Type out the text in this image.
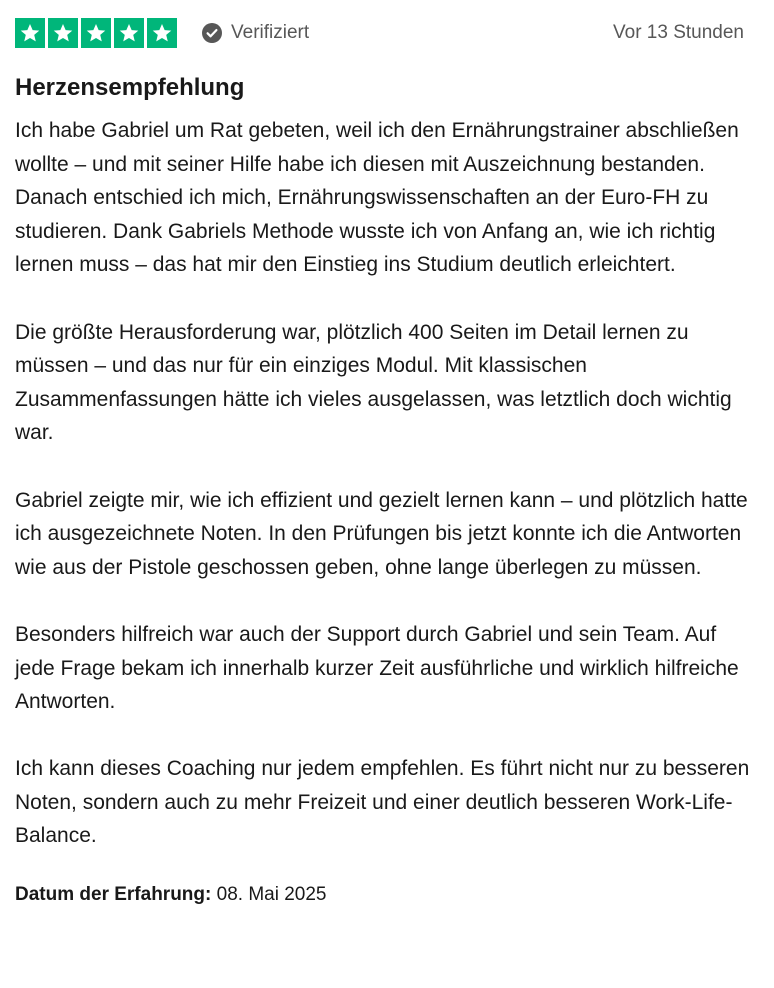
Verifiziert	Vor 13 Stunden
Herzensempfehlung

Ich habe Gabriel um Rat gebeten, weil ich den Ernährungstrainer abschließen wollte – und mit seiner Hilfe habe ich diesen mit Auszeichnung bestanden. Danach entschied ich mich, Ernährungswissenschaften an der Euro-FH zu studieren. Dank Gabriels Methode wusste ich von Anfang an, wie ich richtig lernen muss – das hat mir den Einstieg ins Studium deutlich erleichtert.

Die größte Herausforderung war, plötzlich 400 Seiten im Detail lernen zu müssen – und das nur für ein einziges Modul. Mit klassischen Zusammenfassungen hätte ich vieles ausgelassen, was letztlich doch wichtig war.

Gabriel zeigte mir, wie ich effizient und gezielt lernen kann – und plötzlich hatte ich ausgezeichnete Noten. In den Prüfungen bis jetzt konnte ich die Antworten wie aus der Pistole geschossen geben, ohne lange überlegen zu müssen.

Besonders hilfreich war auch der Support durch Gabriel und sein Team. Auf jede Frage bekam ich innerhalb kurzer Zeit ausführliche und wirklich hilfreiche Antworten.

Ich kann dieses Coaching nur jedem empfehlen. Es führt nicht nur zu besseren Noten, sondern auch zu mehr Freizeit und einer deutlich besseren Work-Life-Balance.

Datum der Erfahrung: 08. Mai 2025
